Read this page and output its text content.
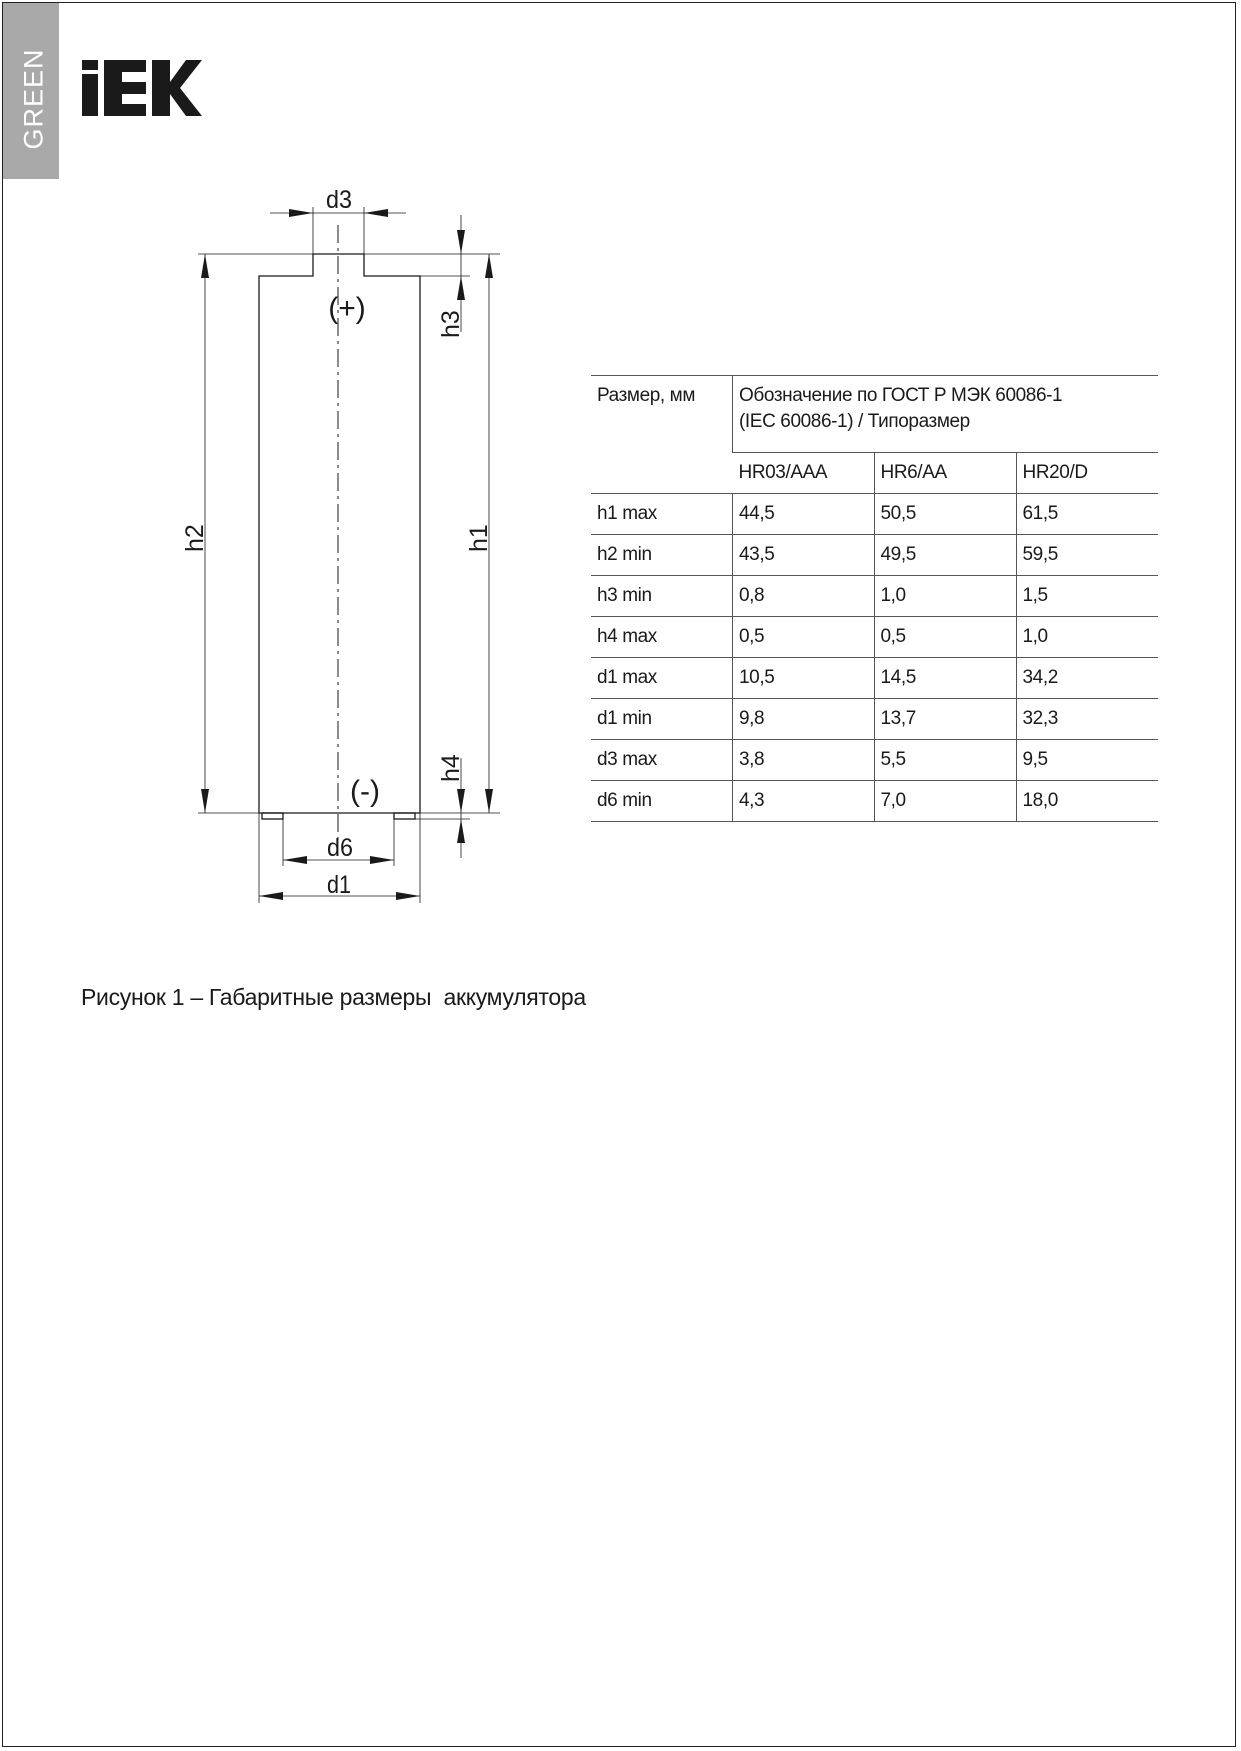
GREEN
d3
(+)
(-)
d6
d1
h2	h1
h3
h4
Размер, мм	Обозначение по ГОСТ Р МЭК 60086-1
(IEC 60086-1) / Типоразмер		
	HR03/AAA	HR6/AA	HR20/D
h1 max	44,5	50,5	61,5
h2 min	43,5	49,5	59,5
h3 min	0,8	1,0	1,5
h4 max	0,5	0,5	1,0
d1 max	10,5	14,5	34,2
d1 min	9,8	13,7	32,3
d3 max	3,8	5,5	9,5
d6 min	4,3	7,0	18,0
Рисунок 1 – Габаритные размеры  аккумулятора
